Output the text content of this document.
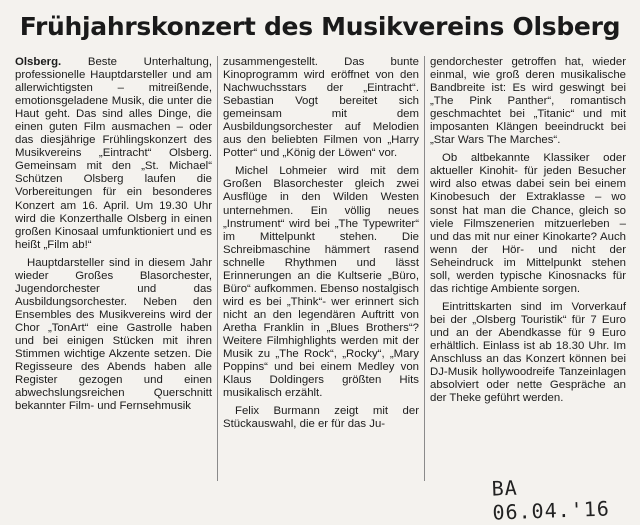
Frühjahrskonzert des Musikvereins Olsberg

Olsberg. Beste Unterhaltung, professionelle Hauptdarsteller und am allerwichtigsten – mitreißende, emotionsgeladene Musik, die unter die Haut geht. Das sind alles Dinge, die einen guten Film ausmachen – oder das diesjährige Frühlingskonzert des Musikvereins „Eintracht“ Olsberg. Gemeinsam mit den „St. Michael“ Schützen Olsberg laufen die Vorbereitungen für ein besonderes Konzert am 16. April. Um 19.30 Uhr wird die Konzerthalle Olsberg in einen großen Kinosaal umfunktioniert und es heißt „Film ab!“

Hauptdarsteller sind in diesem Jahr wieder Großes Blasorchester, Jugendorchester und das Ausbildungsorchester. Neben den Ensembles des Musikvereins wird der Chor „TonArt“ eine Gastrolle haben und bei einigen Stücken mit ihren Stimmen wichtige Akzente setzen. Die Regisseure des Abends haben alle Register gezogen und einen abwechslungsreichen Querschnitt bekannter Film- und Fernsehmusik

zusammengestellt. Das bunte Kinoprogramm wird eröffnet von den Nachwuchsstars der „Eintracht“. Sebastian Vogt bereitet sich gemeinsam mit dem Ausbildungsorchester auf Melodien aus den beliebten Filmen von „Harry Potter“ und „König der Löwen“ vor.

Michel Lohmeier wird mit dem Großen Blasorchester gleich zwei Ausflüge in den Wilden Westen unternehmen. Ein völlig neues „Instrument“ wird bei „The Typewriter“ im Mittelpunkt stehen. Die Schreibmaschine hämmert rasend schnelle Rhythmen und lässt Erinnerungen an die Kultserie „Büro, Büro“ aufkommen. Ebenso nostalgisch wird es bei „Think“- wer erinnert sich nicht an den legendären Auftritt von Aretha Franklin in „Blues Brothers“? Weitere Filmhighlights werden mit der Musik zu „The Rock“, „Rocky“, „Mary Poppins“ und bei einem Medley von Klaus Doldingers größten Hits musikalisch erzählt.

Felix Burmann zeigt mit der Stückauswahl, die er für das Ju-

gendorchester getroffen hat, wieder einmal, wie groß deren musikalische Bandbreite ist: Es wird geswingt bei „The Pink Panther“, romantisch geschmachtet bei „Titanic“ und mit imposanten Klängen beeindruckt bei „Star Wars The Marches“.

Ob altbekannte Klassiker oder aktueller Kinohit- für jeden Besucher wird also etwas dabei sein bei einem Kinobesuch der Extraklasse – wo sonst hat man die Chance, gleich so viele Filmszenerien mitzuerleben – und das mit nur einer Kinokarte? Auch wenn der Hör- und nicht der Seheindruck im Mittelpunkt stehen soll, werden typische Kinosnacks für das richtige Ambiente sorgen.

Eintrittskarten sind im Vorverkauf bei der „Olsberg Touristik“ für 7 Euro und an der Abendkasse für 9 Euro erhältlich. Einlass ist ab 18.30 Uhr. Im Anschluss an das Konzert können bei DJ-Musik hollywoodreife Tanzeinlagen absolviert oder nette Gespräche an der Theke geführt werden.

BA 06.04.'16
